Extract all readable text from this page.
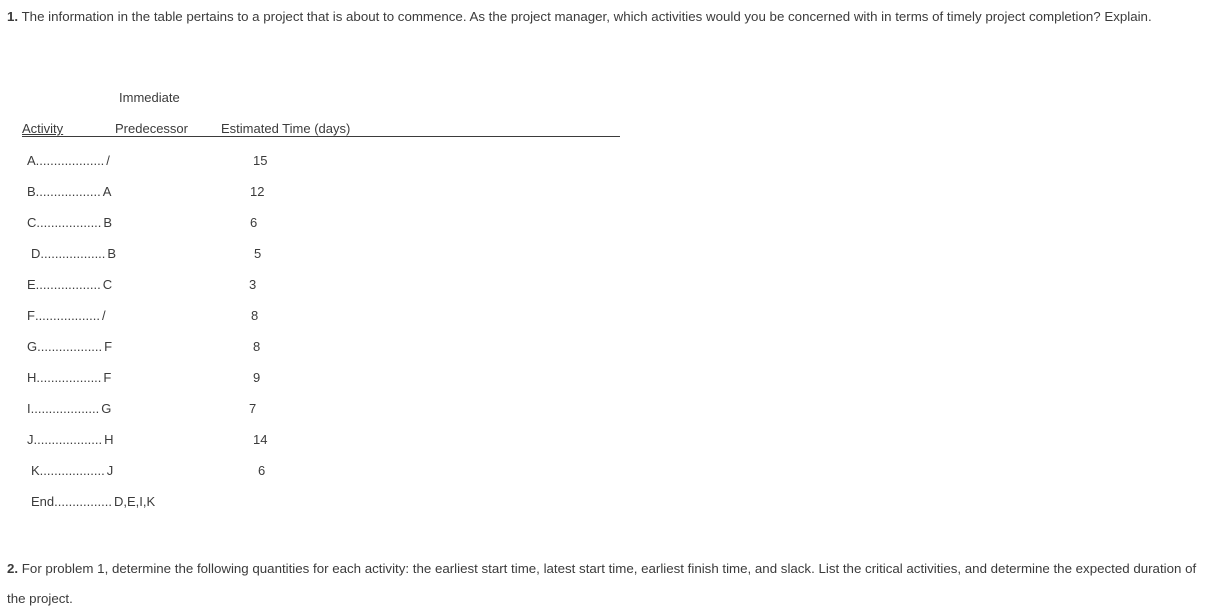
1. The information in the table pertains to a project that is about to commence. As the project manager, which activities would you be concerned with in terms of timely project completion? Explain.
Immediate
Activity	Predecessor	Estimated Time (days)
A................... /	15
B.................. A	12
C.................. B	6
D.................. B	5
E.................. C	3
F.................. /	8
G.................. F	8
H.................. F	9
I................... G	7
J................... H	14
K.................. J	6
End................ D,E,I,K
2. For problem 1, determine the following quantities for each activity: the earliest start time, latest start time, earliest finish time, and slack. List the critical activities, and determine the expected duration of the project.
